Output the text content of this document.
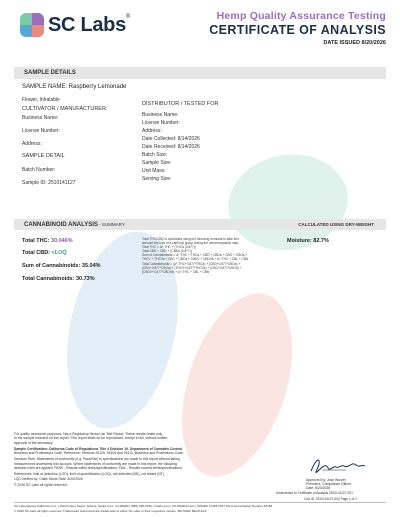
SC Labs®	Hemp Quality Assurance Testing
CERTIFICATE OF ANALYSIS
DATE ISSUED 8/20/2026
SAMPLE DETAILS
SAMPLE NAME: Raspberry Lemonade
Flower, Inhalable
CULTIVATOR / MANUFACTURER
Business Name:
License Number:
Address:
SAMPLE DETAIL
Batch Number:
Sample ID: 2510141127
DISTRIBUTOR / TESTED FOR
Business Name:
License Number:
Address:
Date Collected: 8/14/2026
Date Received: 8/14/2026
Batch Size:
Sample Size:
Unit Mass:
Serving Size:
CANNABINOID ANALYSIS - SUMMARY	CALCULATED USING DRY-WEIGHT
Total THC: 30.046%
Total CBD: <LOQ
Sum of Cannabinoids: 35.04%
Total Cannabinoids: 30.73%
Total THC/CBD is calculated using the following formulas to take into
account the loss of a carboxyl group during the decarboxylation step:
Total THC = Δ⁹-THC + (THCa (0.877))
Total CBD = CBD + (CBDa (0.877))
Sum of Cannabinoids = Δ⁹-THC + THCa + CBD + CBDa + CBG + CBGa +
THCV + THCVa + CBC + CBCa + CBDV + CBDVa + Δ⁸-THC + CBL + CBN
Total Cannabinoids = (Δ⁹-THC+0.877*THCa) + (CBD+0.877*CBDa) +
(CBG+0.877*CBGa) + (THCV+0.877*THCVa) + (CBC+0.877*CBCa) +
(CBDV+0.877*CBDVa) + Δ⁸-THC + CBL + CBN
Moisture: 82.7%
For quality assurance purposes. Not a Regulatory Hemp Lab Test Report. These results relate only
to the sample included on this report. This report shall not be reproduced, except in full, without written
approval of the laboratory.
Sample Certification: California Code of Regulations Title 4 Division 19. Department of Cannabis Control
Business and Professions Code. Reference: Sections 26100, 26104 and 26110, Business and Professions Code.
Decision Rule: Statements of conformity (e.g. Pass/Fail) to specifications are made in this report without taking
measurement uncertainty into account. Where statements of conformity are made in this report, the following
decision rules are applied: PASS - Results within limits/specifications, FAIL - Results exceed limits/specifications.
References: limit of detection (LOD), limit of quantification (LOQ), not detected (ND), not tested (NT)
LQC verified by: Callie Stone Date: 8/20/2026
© 2026 SC Labs all rights reserved.
Approved by: Josh Wurzer
President, Compliance Officer
Date: 8/20/2026
Amendment to Certificate of Analysis 2510141127-001
CoA ID: 2510141127-002 Page 1 of 1
SC Laboratories California LLC. | 100 Pioneer Street, Suite E, Santa Cruz, CA 95060 | (866) 435-0709 | sclabs.com | C8-0000013-LIC | ISO/IES 17025:2017 PJLA Accreditation Number 87168
© 2026 SC Labs all rights reserved. Trademarks referenced are trademarks of either SC Labs or their respective owners. MKT0002 REV8 2/22
